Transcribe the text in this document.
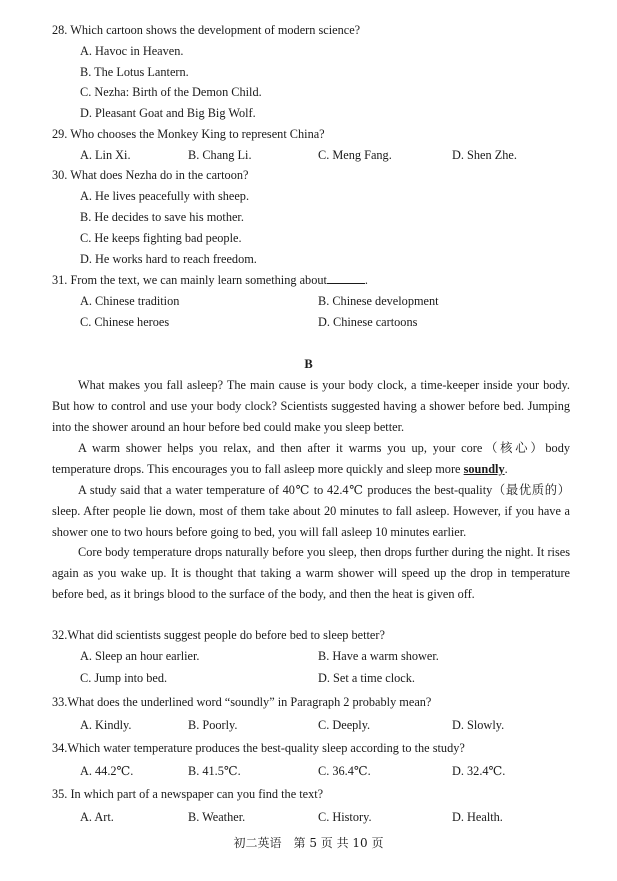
28. Which cartoon shows the development of modern science?
A. Havoc in Heaven.
B. The Lotus Lantern.
C. Nezha: Birth of the Demon Child.
D. Pleasant Goat and Big Big Wolf.
29. Who chooses the Monkey King to represent China?
A. Lin Xi.	B. Chang Li.	C. Meng Fang.	D. Shen Zhe.
30. What does Nezha do in the cartoon?
A. He lives peacefully with sheep.
B. He decides to save his mother.
C. He keeps fighting bad people.
D. He works hard to reach freedom.
31. From the text, we can mainly learn something about	.
A. Chinese tradition	B. Chinese development
C. Chinese heroes	D. Chinese cartoons
B

What makes you fall asleep? The main cause is your body clock, a time-keeper inside your body. But how to control and use your body clock? Scientists suggested having a shower before bed. Jumping into the shower around an hour before bed could make you sleep better.

A warm shower helps you relax, and then after it warms you up, your core（核心）body temperature drops. This encourages you to fall asleep more quickly and sleep more soundly.

A study said that a water temperature of 40℃ to 42.4℃ produces the best-quality（最优质的）sleep. After people lie down, most of them take about 20 minutes to fall asleep. However, if you have a shower one to two hours before going to bed, you will fall asleep 10 minutes earlier.

Core body temperature drops naturally before you sleep, then drops further during the night. It rises again as you wake up. It is thought that taking a warm shower will speed up the drop in temperature before bed, as it brings blood to the surface of the body, and then the heat is given off.

32.What did scientists suggest people do before bed to sleep better?
A. Sleep an hour earlier.	B. Have a warm shower.
C. Jump into bed.	D. Set a time clock.
33.What does the underlined word “soundly” in Paragraph 2 probably mean?
A. Kindly.	B. Poorly.	C. Deeply.	D. Slowly.
34.Which water temperature produces the best-quality sleep according to the study?
A. 44.2℃.	B. 41.5℃.	C. 36.4℃.	D. 32.4℃.
35. In which part of a newspaper can you find the text?
A. Art.	B. Weather.	C. History.	D. Health.
初二英语　第 5 页 共 10 页
